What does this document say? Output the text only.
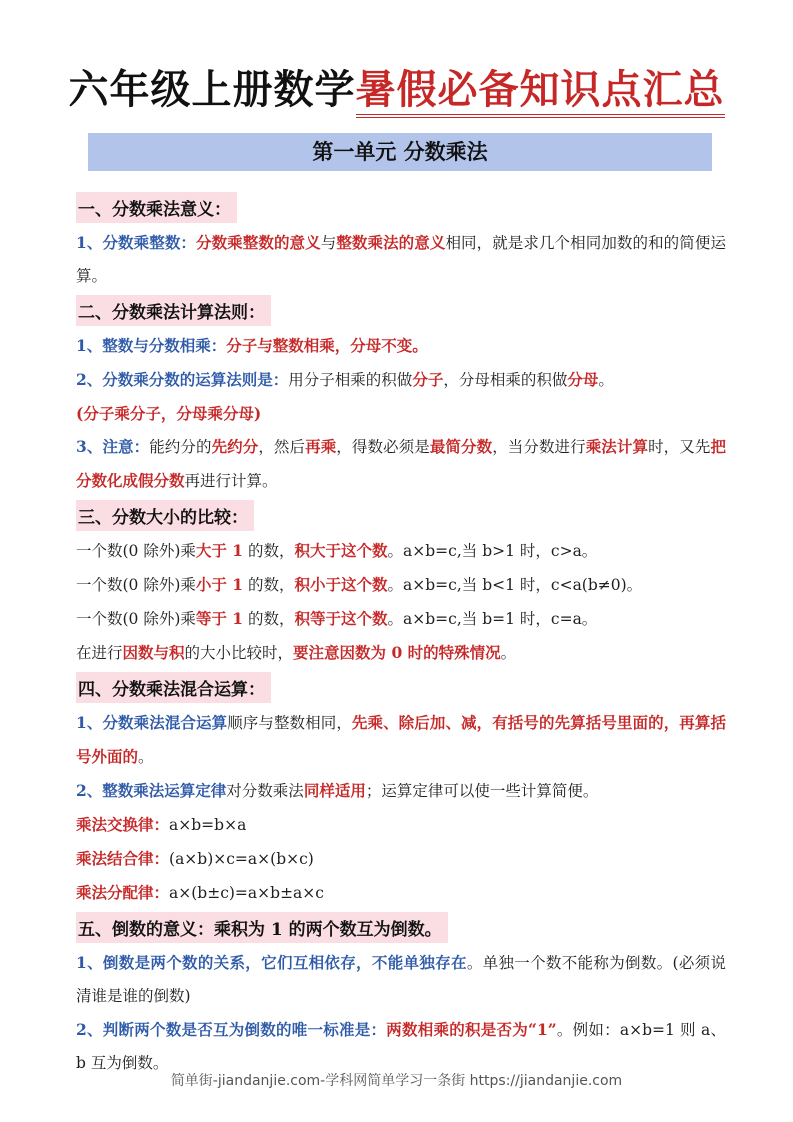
六年级上册数学暑假必备知识点汇总
第一单元 分数乘法
一、分数乘法意义：
1、分数乘整数：分数乘整数的意义与整数乘法的意义相同，就是求几个相同加数的和的简便运算。
二、分数乘法计算法则：
1、整数与分数相乘：分子与整数相乘，分母不变。
2、分数乘分数的运算法则是：用分子相乘的积做分子，分母相乘的积做分母。
(分子乘分子，分母乘分母)
3、注意：能约分的先约分，然后再乘，得数必须是最简分数，当分数进行乘法计算时，又先把分数化成假分数再进行计算。
三、分数大小的比较：
一个数(0 除外)乘大于 1 的数，积大于这个数。a×b=c,当 b>1 时，c>a。
一个数(0 除外)乘小于 1 的数，积小于这个数。a×b=c,当 b<1 时，c<a(b≠0)。
一个数(0 除外)乘等于 1 的数，积等于这个数。a×b=c,当 b=1 时，c=a。
在进行因数与积的大小比较时，要注意因数为 0 时的特殊情况。
四、分数乘法混合运算：
1、分数乘法混合运算顺序与整数相同，先乘、除后加、减，有括号的先算括号里面的，再算括号外面的。
2、整数乘法运算定律对分数乘法同样适用；运算定律可以使一些计算简便。
乘法交换律：a×b=b×a
乘法结合律：(a×b)×c=a×(b×c)
乘法分配律：a×(b±c)=a×b±a×c
五、倒数的意义：乘积为 1 的两个数互为倒数。
1、倒数是两个数的关系，它们互相依存，不能单独存在。单独一个数不能称为倒数。(必须说清谁是谁的倒数)
2、判断两个数是否互为倒数的唯一标准是：两数相乘的积是否为“1”。例如：a×b=1 则 a、b 互为倒数。
简单街-jiandanjie.com-学科网简单学习一条街 https://jiandanjie.com
